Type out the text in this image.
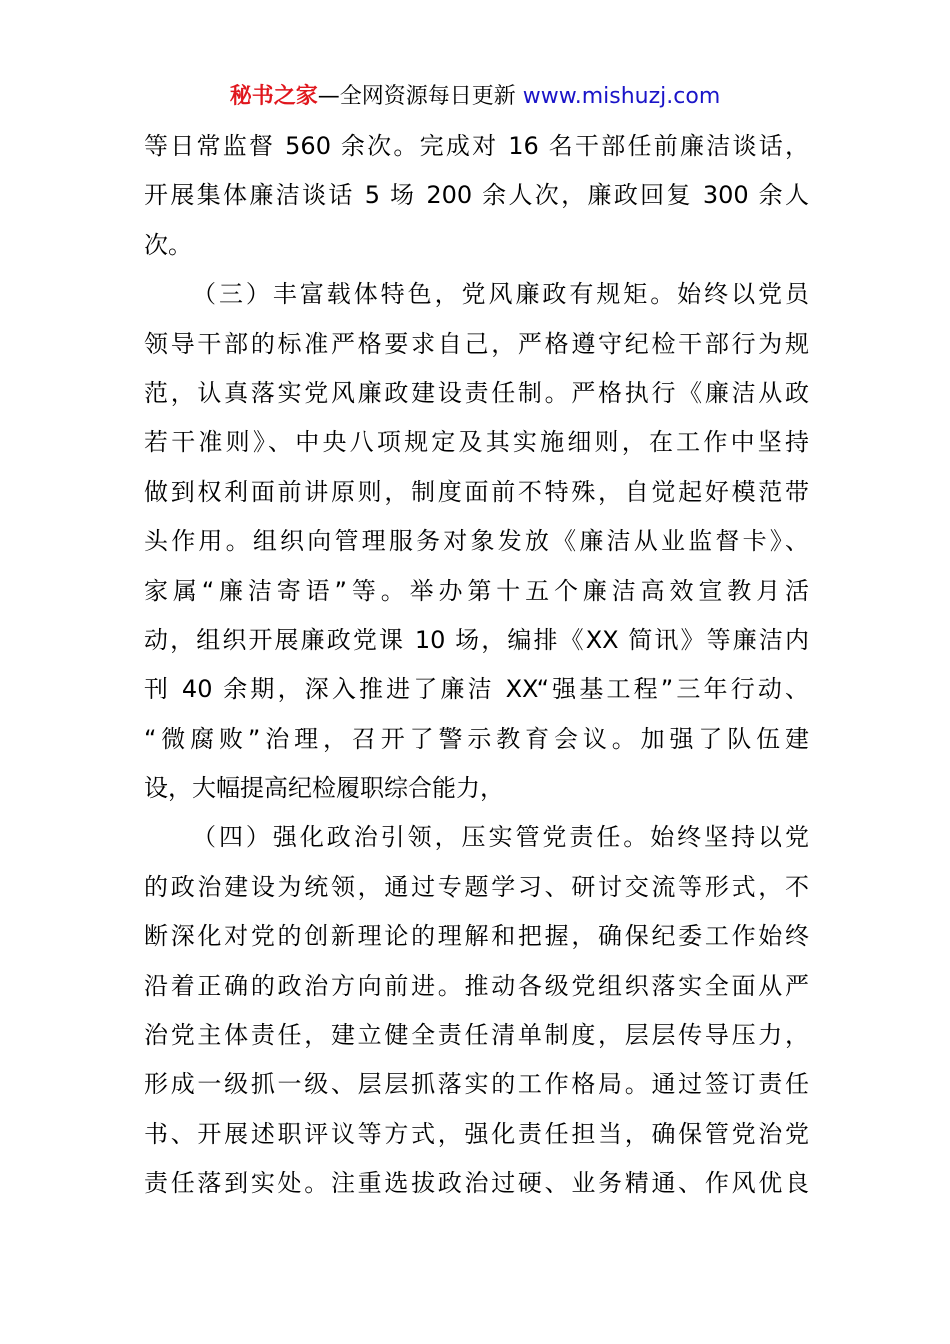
秘书之家—全网资源每日更新 www.mishuzj.com
等日常监督 560 余次。完成对 16 名干部任前廉洁谈话，
开展集体廉洁谈话 5 场 200 余人次，廉政回复 300 余人
次。
（三）丰富载体特色，党风廉政有规矩。始终以党员
领导干部的标准严格要求自己，严格遵守纪检干部行为规
范，认真落实党风廉政建设责任制。严格执行《廉洁从政
若干准则》、中央八项规定及其实施细则，在工作中坚持
做到权利面前讲原则，制度面前不特殊，自觉起好模范带
头作用。组织向管理服务对象发放《廉洁从业监督卡》、
家属“廉洁寄语”等。举办第十五个廉洁高效宣教月活
动，组织开展廉政党课 10 场，编排《XX 简讯》等廉洁内
刊 40 余期，深入推进了廉洁 XX“强基工程”三年行动、
“微腐败”治理，召开了警示教育会议。加强了队伍建
设，大幅提高纪检履职综合能力，
（四）强化政治引领，压实管党责任。始终坚持以党
的政治建设为统领，通过专题学习、研讨交流等形式，不
断深化对党的创新理论的理解和把握，确保纪委工作始终
沿着正确的政治方向前进。推动各级党组织落实全面从严
治党主体责任，建立健全责任清单制度，层层传导压力，
形成一级抓一级、层层抓落实的工作格局。通过签订责任
书、开展述职评议等方式，强化责任担当，确保管党治党
责任落到实处。注重选拔政治过硬、业务精通、作风优良
